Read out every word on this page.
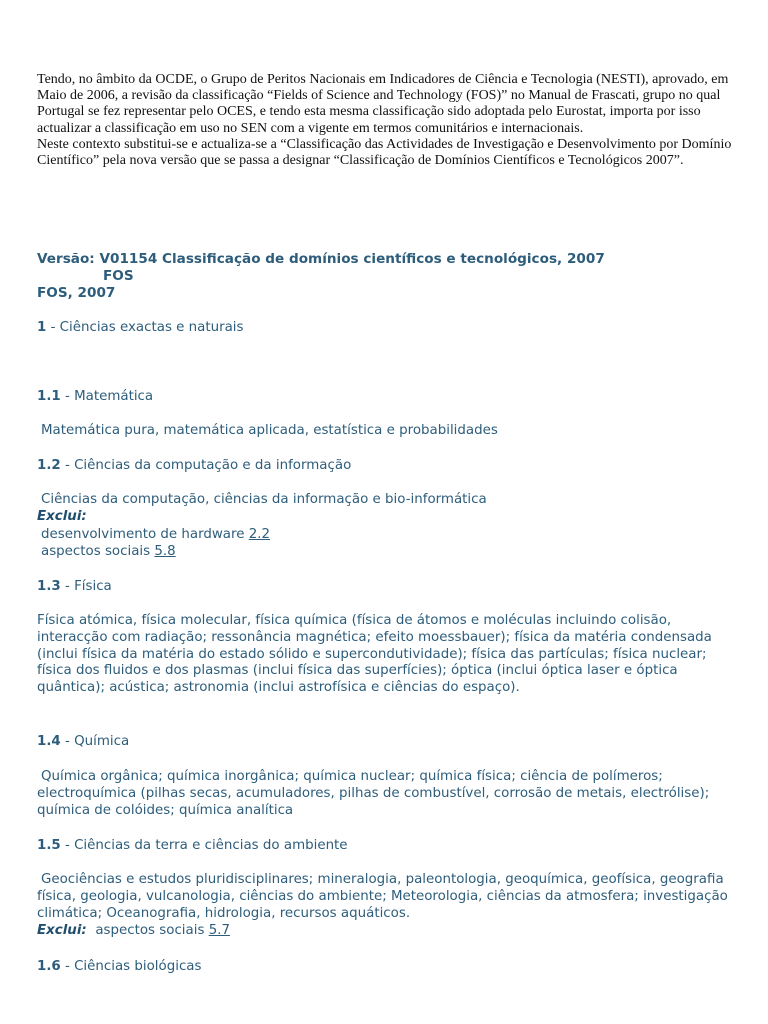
Tendo, no âmbito da OCDE, o Grupo de Peritos Nacionais em Indicadores de Ciência e Tecnologia (NESTI), aprovado, em Maio de 2006, a revisão da classificação “Fields of Science and Technology (FOS)” no Manual de Frascati, grupo no qual Portugal se fez representar pelo OCES, e tendo esta mesma classificação sido adoptada pelo Eurostat, importa por isso actualizar a classificação em uso no SEN com a vigente em termos comunitários e internacionais.

Neste contexto substitui-se e actualiza-se a “Classificação das Actividades de Investigação e Desenvolvimento por Domínio Científico” pela nova versão que se passa a designar “Classificação de Domínios Científicos e Tecnológicos 2007”.

Versão: V01154 Classificação de domínios científicos e tecnológicos, 2007
FOS
FOS, 2007
1 - Ciências exactas e naturais
1.1 - Matemática
Matemática pura, matemática aplicada, estatística e probabilidades
1.2 - Ciências da computação e da informação
Ciências da computação, ciências da informação e bio-informática
Exclui:
desenvolvimento de hardware 2.2
aspectos sociais 5.8
1.3 - Física
Física atómica, física molecular, física química (física de átomos e moléculas incluindo colisão, interacção com radiação; ressonância magnética; efeito moessbauer); física da matéria condensada (inclui física da matéria do estado sólido e supercondutividade); física das partículas; física nuclear; física dos fluidos e dos plasmas (inclui física das superfícies); óptica (inclui óptica laser e óptica quântica); acústica; astronomia (inclui astrofísica e ciências do espaço).
1.4 - Química
Química orgânica; química inorgânica; química nuclear; química física; ciência de polímeros; electroquímica (pilhas secas, acumuladores, pilhas de combustível, corrosão de metais, electrólise); química de colóides; química analítica
1.5 - Ciências da terra e ciências do ambiente
Geociências e estudos pluridisciplinares; mineralogia, paleontologia, geoquímica, geofísica, geografia física, geologia, vulcanologia, ciências do ambiente; Meteorologia, ciências da atmosfera; investigação climática; Oceanografia, hidrologia, recursos aquáticos.
Exclui: aspectos sociais 5.7
1.6 - Ciências biológicas
